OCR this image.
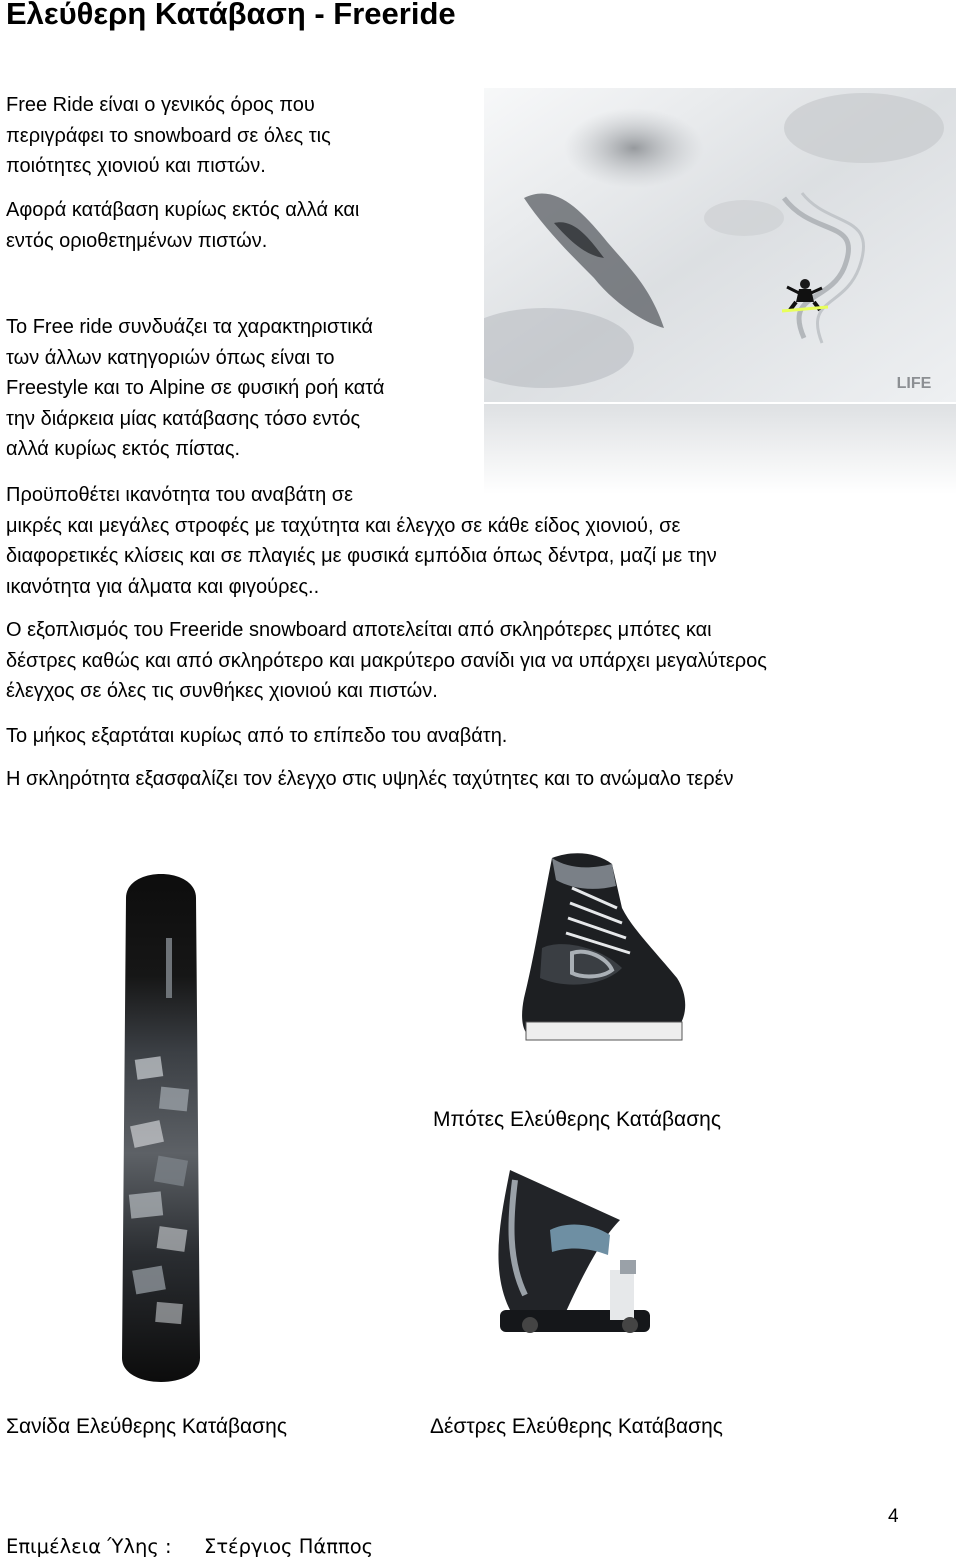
Ελεύθερη Κατάβαση - Freeride
Free Ride είναι ο γενικός όρος που
περιγράφει το snowboard σε όλες τις
ποιότητες χιονιού και πιστών.
Αφορά κατάβαση κυρίως εκτός αλλά και
εντός οριοθετημένων πιστών.
Το Free ride συνδυάζει τα χαρακτηριστικά
των άλλων κατηγοριών όπως είναι το
Freestyle και το Alpine σε φυσική ροή κατά
την διάρκεια μίας κατάβασης τόσο εντός
αλλά κυρίως εκτός πίστας.
LIFE
Προϋποθέτει ικανότητα του αναβάτη σε
μικρές και μεγάλες στροφές με ταχύτητα και έλεγχο σε κάθε είδος χιονιού, σε
διαφορετικές κλίσεις και σε πλαγιές με φυσικά εμπόδια όπως δέντρα, μαζί με την
ικανότητα για άλματα και φιγούρες..
Ο εξοπλισμός του Freeride snowboard αποτελείται από σκληρότερες μπότες και
δέστρες καθώς και από σκληρότερο και μακρύτερο σανίδι για να υπάρχει μεγαλύτερος
έλεγχος σε όλες τις συνθήκες χιονιού και πιστών.
Το μήκος εξαρτάται κυρίως από το επίπεδο του αναβάτη.
Η σκληρότητα εξασφαλίζει τον έλεγχο στις υψηλές ταχύτητες και το ανώμαλο τερέν
Μπότες Ελεύθερης Κατάβασης
Σανίδα Ελεύθερης Κατάβασης	Δέστρες Ελεύθερης Κατάβασης
4
Επιμέλεια Ύλης : Στέργιος Πάππος
